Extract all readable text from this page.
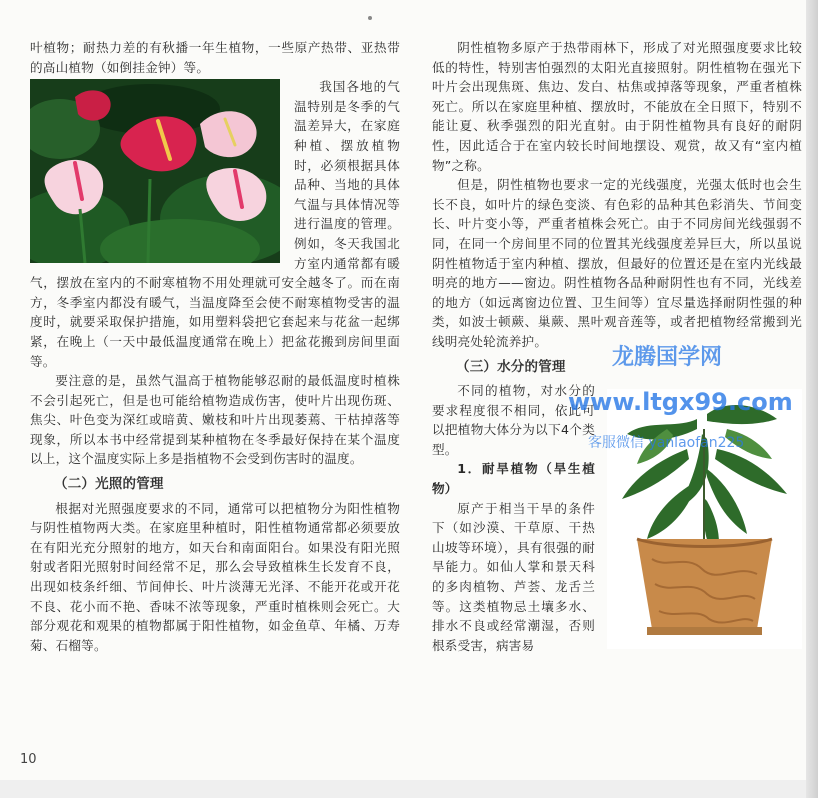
叶植物；耐热力差的有秋播一年生植物，一些原产热带、亚热带的高山植物（如倒挂金钟）等。

我国各地的气温特别是冬季的气温差异大，在家庭种植、摆放植物时，必须根据具体品种、当地的具体气温与具体情况等进行温度的管理。例如，冬天我国北方室内通常都有暖气，摆放在室内的不耐寒植物不用处理就可安全越冬了。而在南方，冬季室内都没有暖气，当温度降至会使不耐寒植物受害的温度时，就要采取保护措施，如用塑料袋把它套起来与花盆一起绑紧，在晚上（一天中最低温度通常在晚上）把盆花搬到房间里面等。

要注意的是，虽然气温高于植物能够忍耐的最低温度时植株不会引起死亡，但是也可能给植物造成伤害，使叶片出现伤斑、焦尖、叶色变为深红或暗黄、嫩枝和叶片出现萎蔫、干枯掉落等现象，所以本书中经常提到某种植物在冬季最好保持在某个温度以上，这个温度实际上多是指植物不会受到伤害时的温度。

（二）光照的管理

根据对光照强度要求的不同，通常可以把植物分为阳性植物与阴性植物两大类。在家庭里种植时，阳性植物通常都必须要放在有阳光充分照射的地方，如天台和南面阳台。如果没有阳光照射或者阳光照射时间经常不足，那么会导致植株生长发育不良，出现如枝条纤细、节间伸长、叶片淡薄无光泽、不能开花或开花不良、花小而不艳、香味不浓等现象，严重时植株则会死亡。大部分观花和观果的植物都属于阳性植物，如金鱼草、年橘、万寿菊、石榴等。

阴性植物多原产于热带雨林下，形成了对光照强度要求比较低的特性，特别害怕强烈的太阳光直接照射。阴性植物在强光下叶片会出现焦斑、焦边、发白、枯焦或掉落等现象，严重者植株死亡。所以在家庭里种植、摆放时，不能放在全日照下，特别不能让夏、秋季强烈的阳光直射。由于阴性植物具有良好的耐阴性，因此适合于在室内较长时间地摆设、观赏，故又有“室内植物”之称。

但是，阴性植物也要求一定的光线强度，光强太低时也会生长不良，如叶片的绿色变淡、有色彩的品种其色彩消失、节间变长、叶片变小等，严重者植株会死亡。由于不同房间光线强弱不同，在同一个房间里不同的位置其光线强度差异巨大，所以虽说阴性植物适于室内种植、摆放，但最好的位置还是在室内光线最明亮的地方——窗边。阴性植物各品种耐阴性也有不同，光线差的地方（如远离窗边位置、卫生间等）宜尽量选择耐阴性强的种类，如波士顿蕨、巢蕨、黑叶观音莲等，或者把植物经常搬到光线明亮处轮流养护。

（三）水分的管理

不同的植物，对水分的要求程度很不相同，依此可以把植物大体分为以下4个类型。

1．耐旱植物（旱生植物）

原产于相当干旱的条件下（如沙漠、干草原、干热山坡等环境），具有很强的耐旱能力。如仙人掌和景天科的多肉植物、芦荟、龙舌兰等。这类植物忌土壤多水、排水不良或经常潮湿，否则根系受害，病害易

龙腾国学网
www.ltgx99.com
客服微信 yanlaofan225
10
